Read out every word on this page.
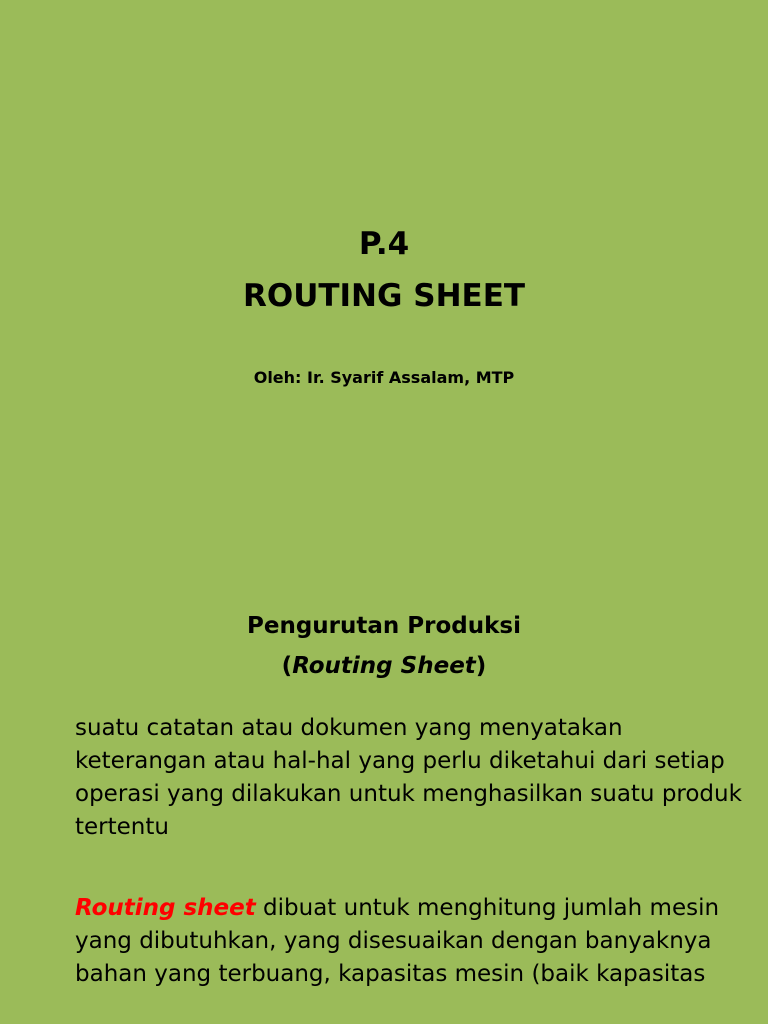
P.4
ROUTING SHEET
Oleh: Ir. Syarif Assalam, MTP
Pengurutan Produksi
(Routing Sheet)
suatu catatan atau dokumen yang menyatakan keterangan atau hal-hal yang perlu diketahui dari setiap operasi yang dilakukan untuk menghasilkan suatu produk tertentu
Routing sheet dibuat untuk menghitung jumlah mesin yang dibutuhkan, yang disesuaikan dengan banyaknya bahan yang terbuang, kapasitas mesin (baik kapasitas
